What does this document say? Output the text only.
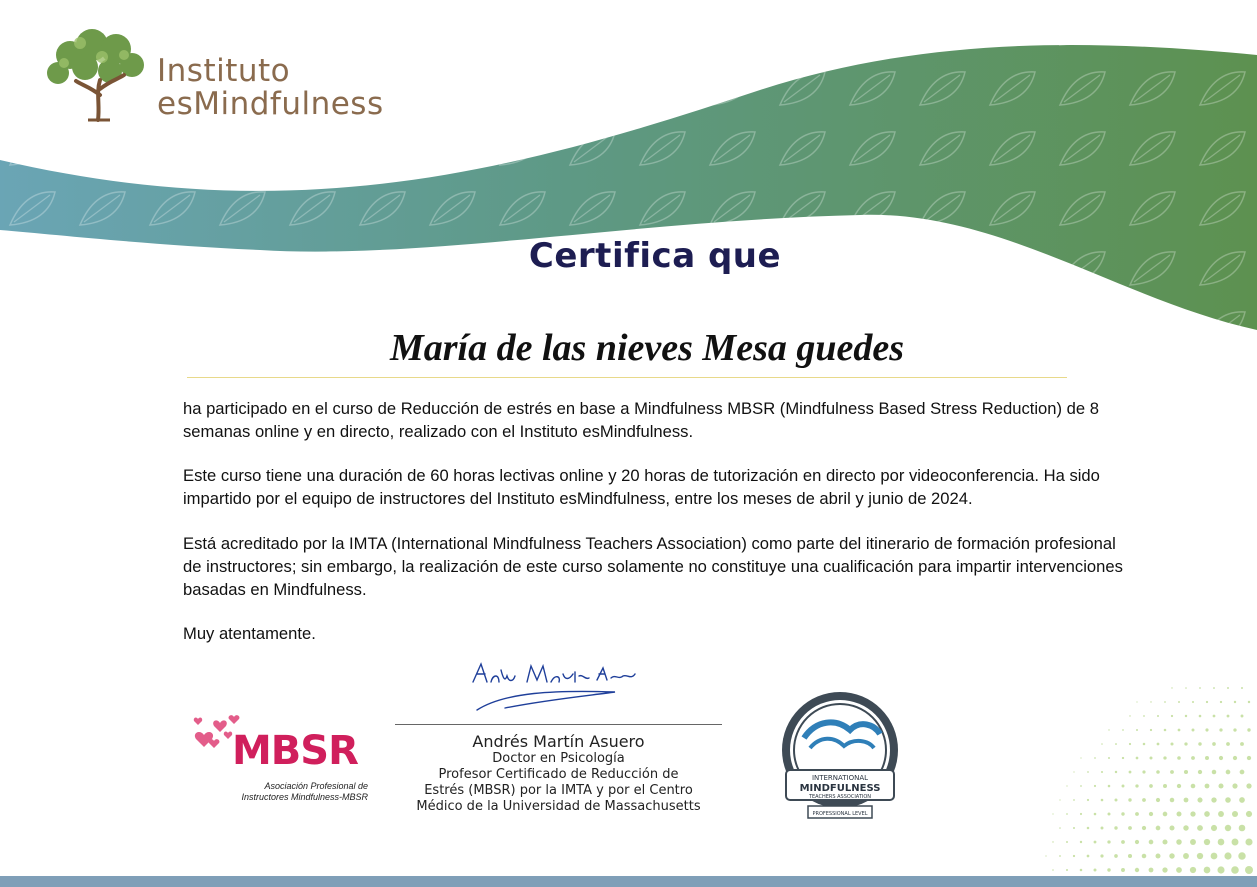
Instituto
esMindfulness
Certifica que
María de las nieves Mesa guedes
ha participado en el curso de Reducción de estrés en base a Mindfulness MBSR (Mindfulness Based Stress Reduction) de 8 semanas online y en directo, realizado con el Instituto esMindfulness.
Este curso tiene una duración de 60 horas lectivas online y 20 horas de tutorización en directo por videoconferencia. Ha sido impartido por el equipo de instructores del Instituto esMindfulness, entre los meses de abril y junio de 2024.
Está acreditado por la IMTA (International Mindfulness Teachers Association) como parte del itinerario de formación profesional de instructores; sin embargo, la realización de este curso solamente no constituye una cualificación para impartir intervenciones basadas en Mindfulness.
Muy atentamente.
Andrés Martín Asuero
Doctor en Psicología
Profesor Certificado de Reducción de
Estrés (MBSR) por la IMTA y por el Centro
Médico de la Universidad de Massachusetts
MBSR
Asociación Profesional de
Instructores Mindfulness-MBSR
INTERNATIONAL
MINDFULNESS
TEACHERS ASSOCIATION
PROFESSIONAL LEVEL
